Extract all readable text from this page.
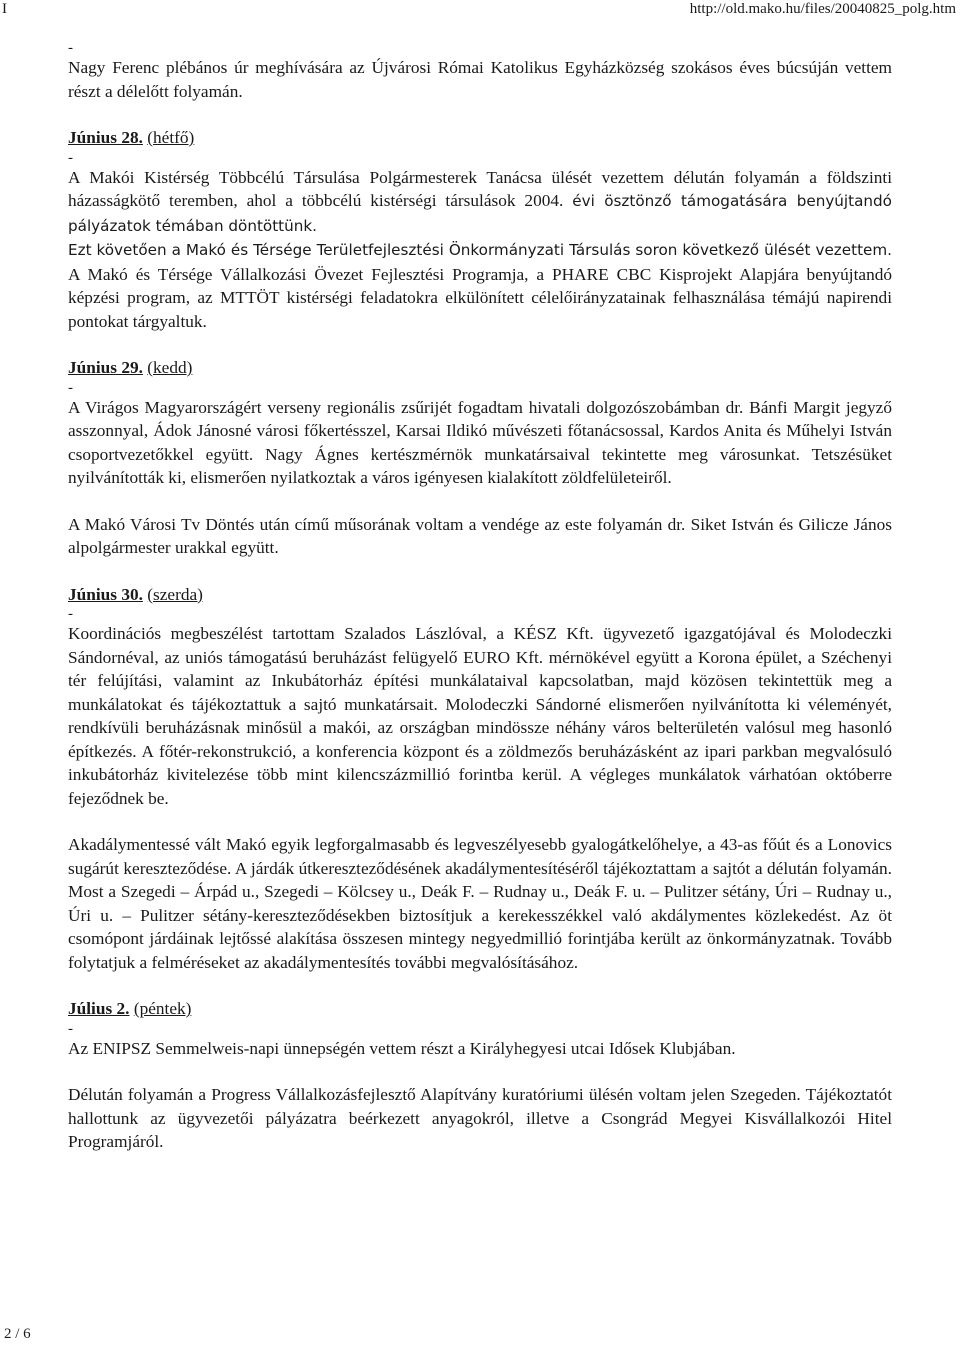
I	http://old.mako.hu/files/20040825_polg.htm

-

Nagy Ferenc plébános úr meghívására az Újvárosi Római Katolikus Egyházközség szokásos éves búcsúján vettem részt a délelőtt folyamán.

Június 28. (hétfő)

-

A Makói Kistérség Többcélú Társulása Polgármesterek Tanácsa ülését vezettem délután folyamán a földszinti házasságkötő teremben, ahol a többcélú kistérségi társulások 2004. évi ösztönző támogatására benyújtandó pályázatok témában döntöttünk.

Ezt követően a Makó és Térsége Területfejlesztési Önkormányzati Társulás soron következő ülését vezettem. A Makó és Térsége Vállalkozási Övezet Fejlesztési Programja, a PHARE CBC Kisprojekt Alapjára benyújtandó képzési program, az MTTÖT kistérségi feladatokra elkülönített célelőirányzatainak felhasználása témájú napirendi pontokat tárgyaltuk.

Június 29. (kedd)

-

A Virágos Magyarországért verseny regionális zsűrijét fogadtam hivatali dolgozószobámban dr. Bánfi Margit jegyző asszonnyal, Ádok Jánosné városi főkertésszel, Karsai Ildikó művészeti főtanácsossal, Kardos Anita és Műhelyi István csoportvezetőkkel együtt. Nagy Ágnes kertészmérnök munkatársaival tekintette meg városunkat. Tetszésüket nyilvánították ki, elismerően nyilatkoztak a város igényesen kialakított zöldfelületeiről.

A Makó Városi Tv Döntés után című műsorának voltam a vendége az este folyamán dr. Siket István és Gilicze János alpolgármester urakkal együtt.

Június 30. (szerda)

-

Koordinációs megbeszélést tartottam Szalados Lászlóval, a KÉSZ Kft. ügyvezető igazgatójával és Molodeczki Sándornéval, az uniós támogatású beruházást felügyelő EURO Kft. mérnökével együtt a Korona épület, a Széchenyi tér felújítási, valamint az Inkubátorház építési munkálataival kapcsolatban, majd közösen tekintettük meg a munkálatokat és tájékoztattuk a sajtó munkatársait. Molodeczki Sándorné elismerően nyilvánította ki véleményét, rendkívüli beruházásnak minősül a makói, az országban mindössze néhány város belterületén valósul meg hasonló építkezés. A főtér-rekonstrukció, a konferencia központ és a zöldmezős beruházásként az ipari parkban megvalósuló inkubátorház kivitelezése több mint kilencszázmillió forintba kerül. A végleges munkálatok várhatóan októberre fejeződnek be.

Akadálymentessé vált Makó egyik legforgalmasabb és legveszélyesebb gyalogátkelőhelye, a 43-as főút és a Lonovics sugárút kereszteződése. A járdák útkereszteződésének akadálymentesítéséről tájékoztattam a sajtót a délután folyamán. Most a Szegedi – Árpád u., Szegedi – Kölcsey u., Deák F. – Rudnay u., Deák F. u. – Pulitzer sétány, Úri – Rudnay u., Úri u. – Pulitzer sétány-kereszteződésekben biztosítjuk a kerekesszékkel való akdálymentes közlekedést. Az öt csomópont járdáinak lejtőssé alakítása összesen mintegy negyedmillió forintjába került az önkormányzatnak. Tovább folytatjuk a felméréseket az akadálymentesítés további megvalósításához.

Július 2. (péntek)

-

Az ENIPSZ Semmelweis-napi ünnepségén vettem részt a Királyhegyesi utcai Idősek Klubjában.

Délután folyamán a Progress Vállalkozásfejlesztő Alapítvány kuratóriumi ülésén voltam jelen Szegeden. Tájékoztatót hallottunk az ügyvezetői pályázatra beérkezett anyagokról, illetve a Csongrád Megyei Kisvállalkozói Hitel Programjáról.

2 / 6
